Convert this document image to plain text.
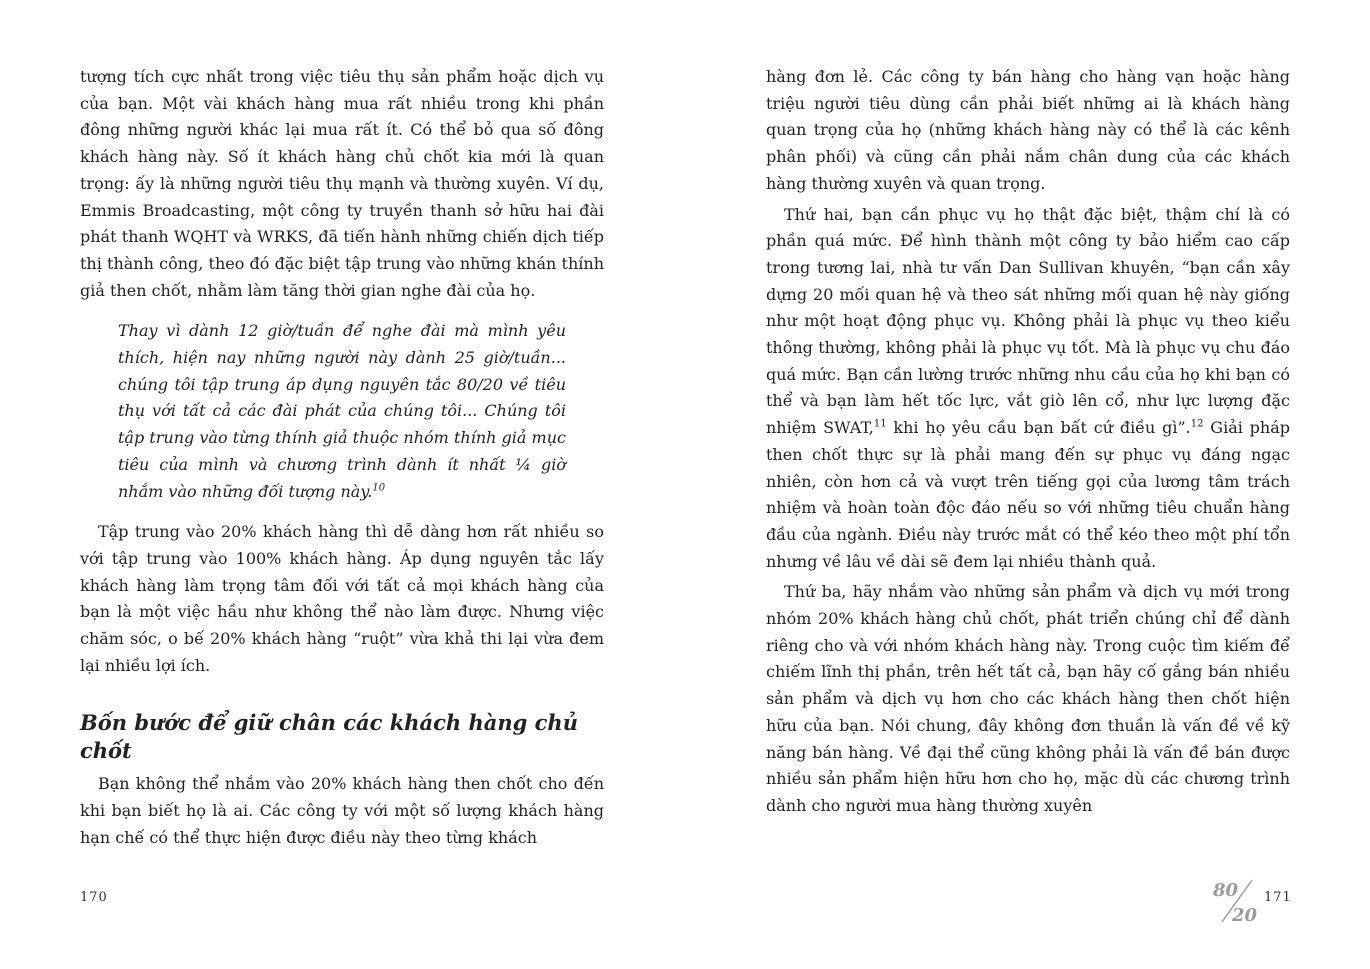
tượng tích cực nhất trong việc tiêu thụ sản phẩm hoặc dịch vụ của bạn. Một vài khách hàng mua rất nhiều trong khi phần đông những người khác lại mua rất ít. Có thể bỏ qua số đông khách hàng này. Số ít khách hàng chủ chốt kia mới là quan trọng: ấy là những người tiêu thụ mạnh và thường xuyên. Ví dụ, Emmis Broadcasting, một công ty truyền thanh sở hữu hai đài phát thanh WQHT và WRKS, đã tiến hành những chiến dịch tiếp thị thành công, theo đó đặc biệt tập trung vào những khán thính giả then chốt, nhằm làm tăng thời gian nghe đài của họ.

Thay vì dành 12 giờ/tuần để nghe đài mà mình yêu thích, hiện nay những người này dành 25 giờ/tuần... chúng tôi tập trung áp dụng nguyên tắc 80/20 về tiêu thụ với tất cả các đài phát của chúng tôi... Chúng tôi tập trung vào từng thính giả thuộc nhóm thính giả mục tiêu của mình và chương trình dành ít nhất ¼ giờ nhắm vào những đối tượng này.$^{10}$

Tập trung vào 20% khách hàng thì dễ dàng hơn rất nhiều so với tập trung vào 100% khách hàng. Áp dụng nguyên tắc lấy khách hàng làm trọng tâm đối với tất cả mọi khách hàng của bạn là một việc hầu như không thể nào làm được. Nhưng việc chăm sóc, o bế 20% khách hàng “ruột” vừa khả thi lại vừa đem lại nhiều lợi ích.

Bốn bước để giữ chân các khách hàng chủ chốt

Bạn không thể nhắm vào 20% khách hàng then chốt cho đến khi bạn biết họ là ai. Các công ty với một số lượng khách hàng hạn chế có thể thực hiện được điều này theo từng khách

hàng đơn lẻ. Các công ty bán hàng cho hàng vạn hoặc hàng triệu người tiêu dùng cần phải biết những ai là khách hàng quan trọng của họ (những khách hàng này có thể là các kênh phân phối) và cũng cần phải nắm chân dung của các khách hàng thường xuyên và quan trọng.

Thứ hai, bạn cần phục vụ họ thật đặc biệt, thậm chí là có phần quá mức. Để hình thành một công ty bảo hiểm cao cấp trong tương lai, nhà tư vấn Dan Sullivan khuyên, “bạn cần xây dựng 20 mối quan hệ và theo sát những mối quan hệ này giống như một hoạt động phục vụ. Không phải là phục vụ theo kiểu thông thường, không phải là phục vụ tốt. Mà là phục vụ chu đáo quá mức. Bạn cần lường trước những nhu cầu của họ khi bạn có thể và bạn làm hết tốc lực, vắt giò lên cổ, như lực lượng đặc nhiệm SWAT,$^{11}$ khi họ yêu cầu bạn bất cứ điều gì”.$^{12}$ Giải pháp then chốt thực sự là phải mang đến sự phục vụ đáng ngạc nhiên, còn hơn cả và vượt trên tiếng gọi của lương tâm trách nhiệm và hoàn toàn độc đáo nếu so với những tiêu chuẩn hàng đầu của ngành. Điều này trước mắt có thể kéo theo một phí tổn nhưng về lâu về dài sẽ đem lại nhiều thành quả.

Thứ ba, hãy nhắm vào những sản phẩm và dịch vụ mới trong nhóm 20% khách hàng chủ chốt, phát triển chúng chỉ để dành riêng cho và với nhóm khách hàng này. Trong cuộc tìm kiếm để chiếm lĩnh thị phần, trên hết tất cả, bạn hãy cố gắng bán nhiều sản phẩm và dịch vụ hơn cho các khách hàng then chốt hiện hữu của bạn. Nói chung, đây không đơn thuần là vấn đề về kỹ năng bán hàng. Về đại thể cũng không phải là vấn đề bán được nhiều sản phẩm hiện hữu hơn cho họ, mặc dù các chương trình dành cho người mua hàng thường xuyên

170	80
20
171
